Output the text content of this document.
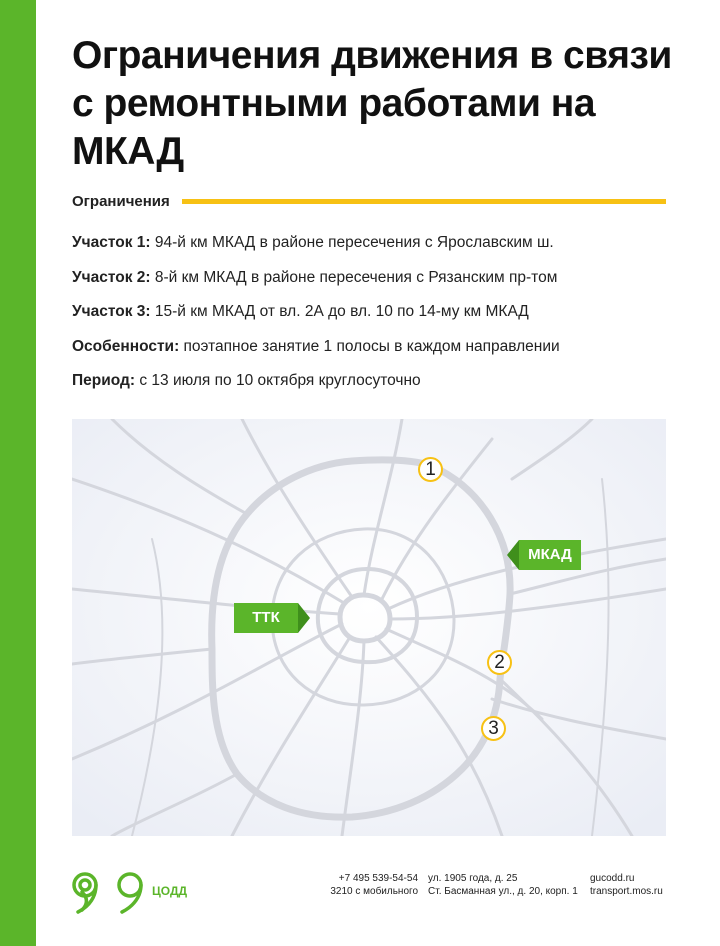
Ограничения движения в связи с ремонтными работами на МКАД
Ограничения
Участок 1: 94-й км МКАД в районе пересечения с Ярославским ш.
Участок 2: 8-й км МКАД в районе пересечения с Рязанским пр-том
Участок 3: 15-й км МКАД от вл. 2А до вл. 10 по 14-му км МКАД
Особенности: поэтапное занятие 1 полосы в каждом направлении
Период: с 13 июля по 10 октября круглосуточно
1
2
3
МКАД
ТТК
ЦОДД
+7 495 539-54-54
3210 с мобильного
ул. 1905 года, д. 25
Ст. Басманная ул., д. 20, корп. 1
gucodd.ru
transport.mos.ru
